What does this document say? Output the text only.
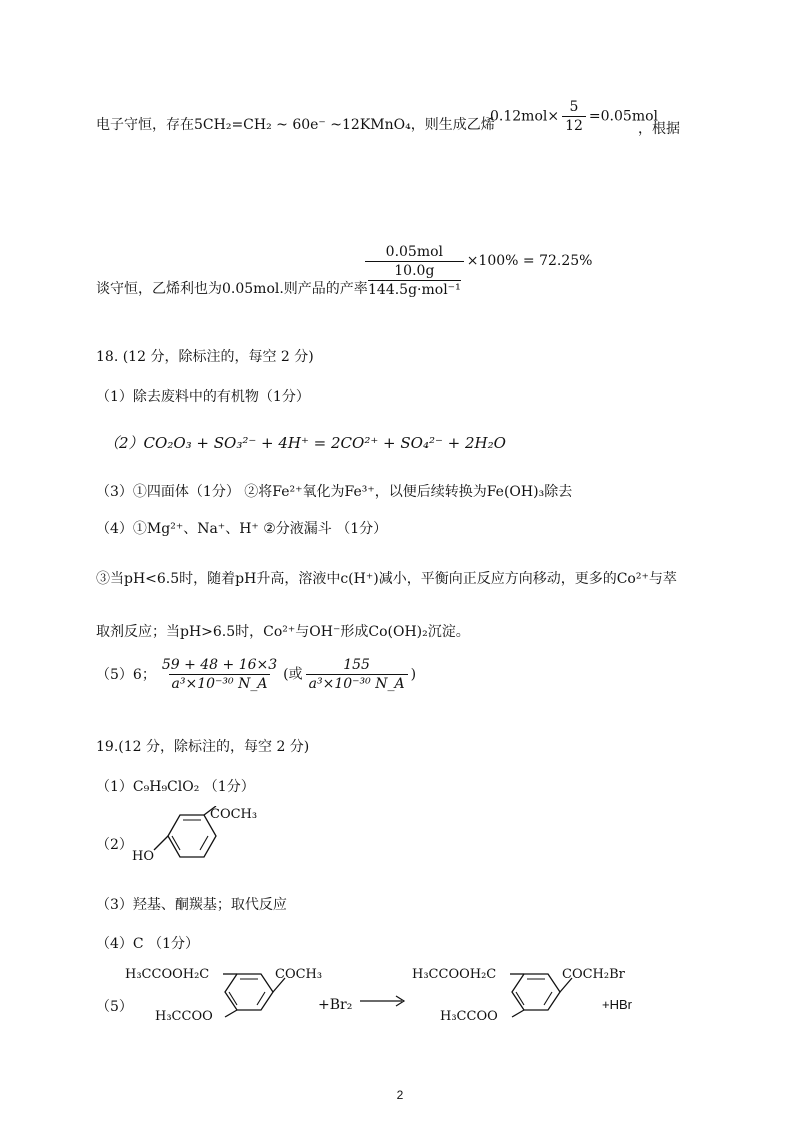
电子守恒，存在5CH₂=CH₂ ~ 60e⁻ ~12KMnO₄，则生成乙烯
$0.12mol\times \frac{5}{12} =0.05mol$
，根据
谈守恒，乙烯利也为0.05mol.则产品的产率
0.05mol
10.0g
144.5g·mol⁻¹ ×100% = 72.25%
18. (12 分，除标注的，每空 2 分)
（1）除去废料中的有机物（1分）
（2）CO₂O₃ + SO₃²⁻ + 4H⁺ = 2CO²⁺ + SO₄²⁻ + 2H₂O
（3）①四面体（1分） ②将Fe²⁺氧化为Fe³⁺，以便后续转换为Fe(OH)₃除去
（4）①Mg²⁺、Na⁺、H⁺ ②分液漏斗 （1分）
③当pH<6.5时，随着pH升高，溶液中c(H⁺)减小，平衡向正反应方向移动，更多的Co²⁺与萃
取剂反应；当pH>6.5时，Co²⁺与OH⁻形成Co(OH)₂沉淀。
（5）6； $\frac{59 + 48 + 16\times 3}{\text{a³×10⁻³⁰ N\_A}}$ (或 $\frac{155}{\text{a³×10⁻³⁰ N\_A}}$ )
19.(12 分，除标注的，每空 2 分)
（1）C₉H₉ClO₂ （1分）
（2）
HO
COCH₃
（3）羟基、酮羰基；取代反应
（4）C （1分）
（5）
H₃CCOOH₂C
H₃CCOO
COCH₃
+Br₂
H₃CCOOH₂C
H₃CCOO
COCH₂Br
+HBr
2
